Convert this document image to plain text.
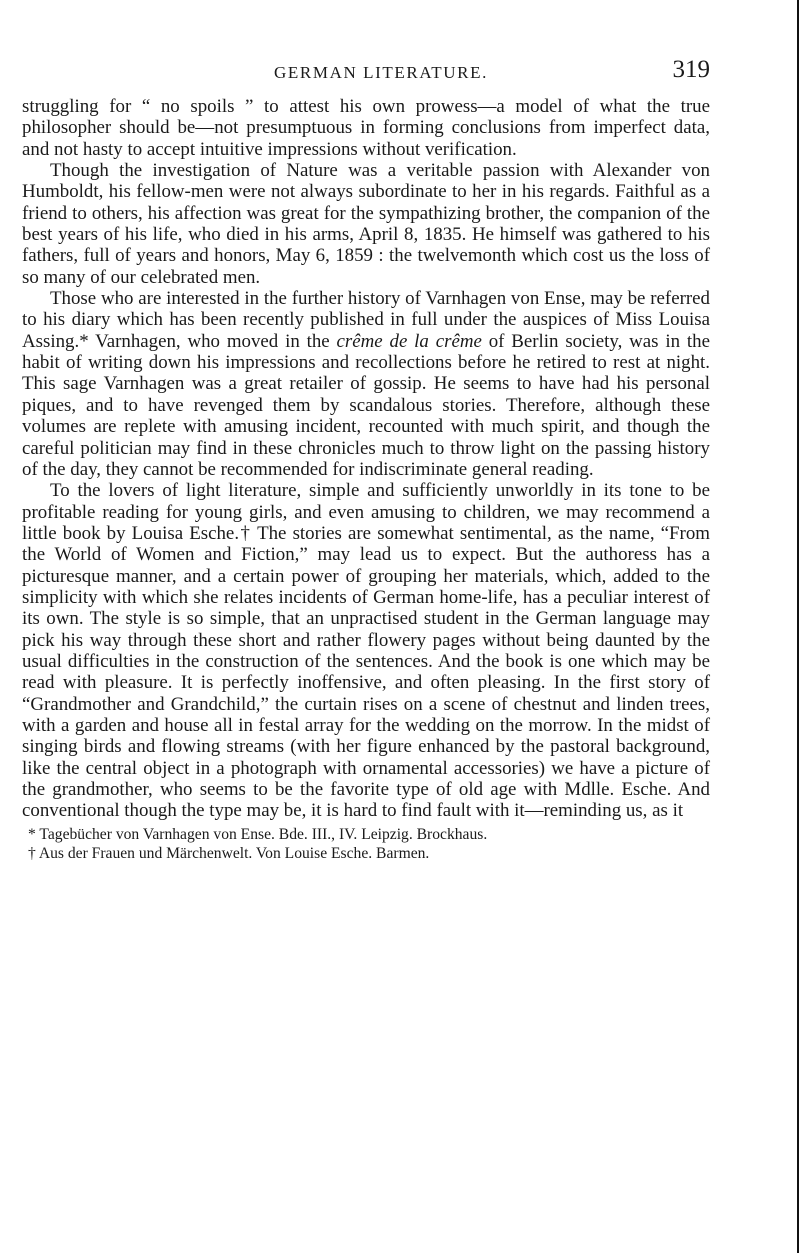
GERMAN LITERATURE.	319

struggling for “ no spoils ” to attest his own prowess—a model of what the true philosopher should be—not presumptuous in forming conclusions from imperfect data, and not hasty to accept intuitive impressions without verification.

Though the investigation of Nature was a veritable passion with Alexander von Humboldt, his fellow-men were not always subordinate to her in his regards. Faithful as a friend to others, his affection was great for the sympathizing brother, the companion of the best years of his life, who died in his arms, April 8, 1835. He himself was gathered to his fathers, full of years and honors, May 6, 1859 : the twelvemonth which cost us the loss of so many of our celebrated men.

Those who are interested in the further history of Varnhagen von Ense, may be referred to his diary which has been recently published in full under the auspices of Miss Louisa Assing.* Varnhagen, who moved in the crême de la crême of Berlin society, was in the habit of writing down his impressions and recollections before he retired to rest at night. This sage Varnhagen was a great retailer of gossip. He seems to have had his personal piques, and to have revenged them by scandalous stories. Therefore, although these volumes are replete with amusing incident, recounted with much spirit, and though the careful politician may find in these chronicles much to throw light on the passing history of the day, they cannot be recommended for indiscriminate general reading.

To the lovers of light literature, simple and sufficiently unworldly in its tone to be profitable reading for young girls, and even amusing to children, we may recommend a little book by Louisa Esche.† The stories are somewhat sentimental, as the name, “From the World of Women and Fiction,” may lead us to expect. But the authoress has a picturesque manner, and a certain power of grouping her materials, which, added to the simplicity with which she relates incidents of German home-life, has a peculiar interest of its own. The style is so simple, that an unpractised student in the German language may pick his way through these short and rather flowery pages without being daunted by the usual difficulties in the construction of the sentences. And the book is one which may be read with pleasure. It is perfectly inoffensive, and often pleasing. In the first story of “Grandmother and Grandchild,” the curtain rises on a scene of chestnut and linden trees, with a garden and house all in festal array for the wedding on the morrow. In the midst of singing birds and flowing streams (with her figure enhanced by the pastoral background, like the central object in a photograph with ornamental accessories) we have a picture of the grandmother, who seems to be the favorite type of old age with Mdlle. Esche. And conventional though the type may be, it is hard to find fault with it—reminding us, as it

* Tagebücher von Varnhagen von Ense. Bde. III., IV. Leipzig. Brockhaus.

† Aus der Frauen und Märchenwelt. Von Louise Esche. Barmen.
